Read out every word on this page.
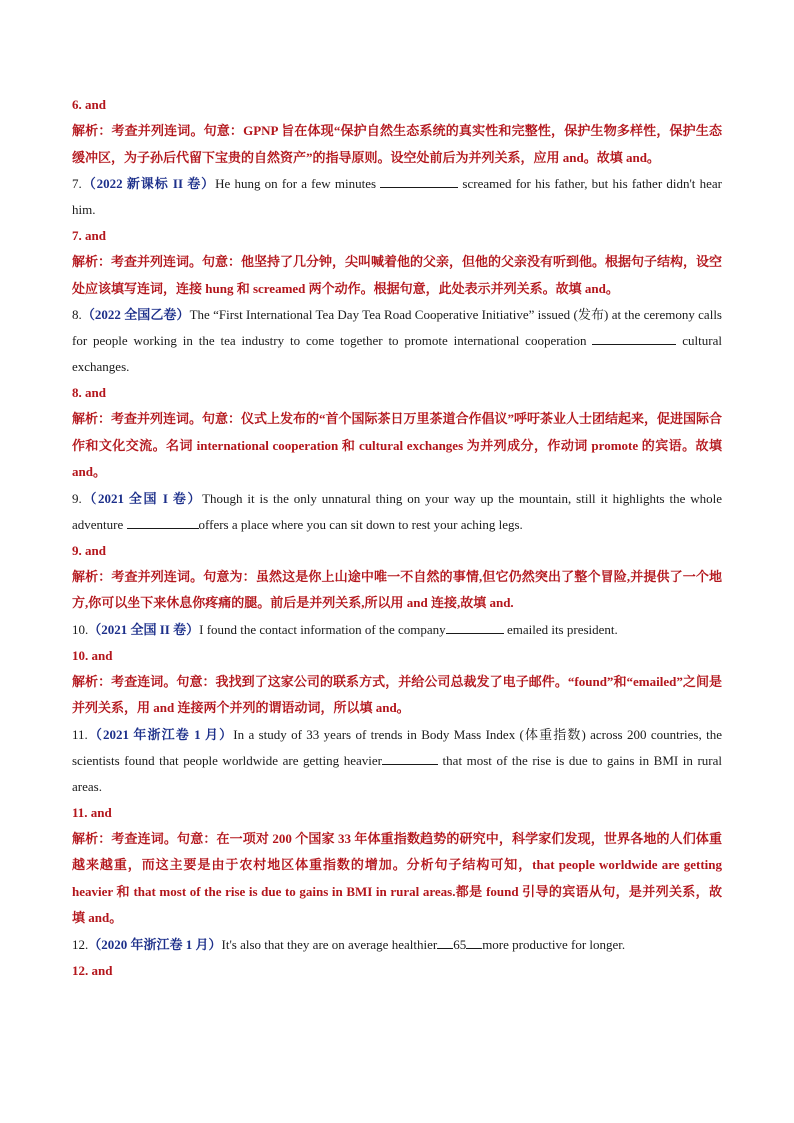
6. and

解析：考查并列连词。句意：GPNP 旨在体现“保护自然生态系统的真实性和完整性，保护生物多样性，保护生态缓冲区，为子孙后代留下宝贵的自然资产”的指导原则。设空处前后为并列关系，应用 and。故填 and。

7.（2022 新课标 II 卷）He hung on for a few minutes	screamed for his father, but his father didn't hear him.

7. and

解析：考查并列连词。句意：他坚持了几分钟，尖叫喊着他的父亲，但他的父亲没有听到他。根据句子结构，设空处应该填写连词，连接 hung 和 screamed 两个动作。根据句意，此处表示并列关系。故填 and。

8.（2022 全国乙卷）The “First International Tea Day Tea Road Cooperative Initiative” issued (发布) at the ceremony calls for people working in the tea industry to come together to promote international cooperation	cultural exchanges.

8. and

解析：考查并列连词。句意：仪式上发布的“首个国际茶日万里茶道合作倡议”呼吁茶业人士团结起来，促进国际合作和文化交流。名词 international cooperation 和 cultural exchanges 为并列成分，作动词 promote 的宾语。故填 and。

9.（2021 全国 I 卷）Though it is the only unnatural thing on your way up the mountain, still it highlights the whole adventure	offers a place where you can sit down to rest your aching legs.

9. and

解析：考查并列连词。句意为：虽然这是你上山途中唯一不自然的事情,但它仍然突出了整个冒险,并提供了一个地方,你可以坐下来休息你疼痛的腿。前后是并列关系,所以用 and 连接,故填 and.

10.（2021 全国 II 卷）I found the contact information of the company	emailed its president.

10. and

解析：考查连词。句意：我找到了这家公司的联系方式，并给公司总裁发了电子邮件。“found”和“emailed”之间是并列关系，用 and 连接两个并列的谓语动词，所以填 and。

11.（2021 年浙江卷 1 月）In a study of 33 years of trends in Body Mass Index (体重指数) across 200 countries, the scientists found that people worldwide are getting heavier	that most of the rise is due to gains in BMI in rural areas.

11. and

解析：考查连词。句意：在一项对 200 个国家 33 年体重指数趋势的研究中，科学家们发现，世界各地的人们体重越来越重，而这主要是由于农村地区体重指数的增加。分析句子结构可知，that people worldwide are getting heavier 和 that most of the rise is due to gains in BMI in rural areas.都是 found 引导的宾语从句，是并列关系，故填 and。

12.（2020 年浙江卷 1 月）It's also that they are on average healthier 65 more productive for longer.

12. and
